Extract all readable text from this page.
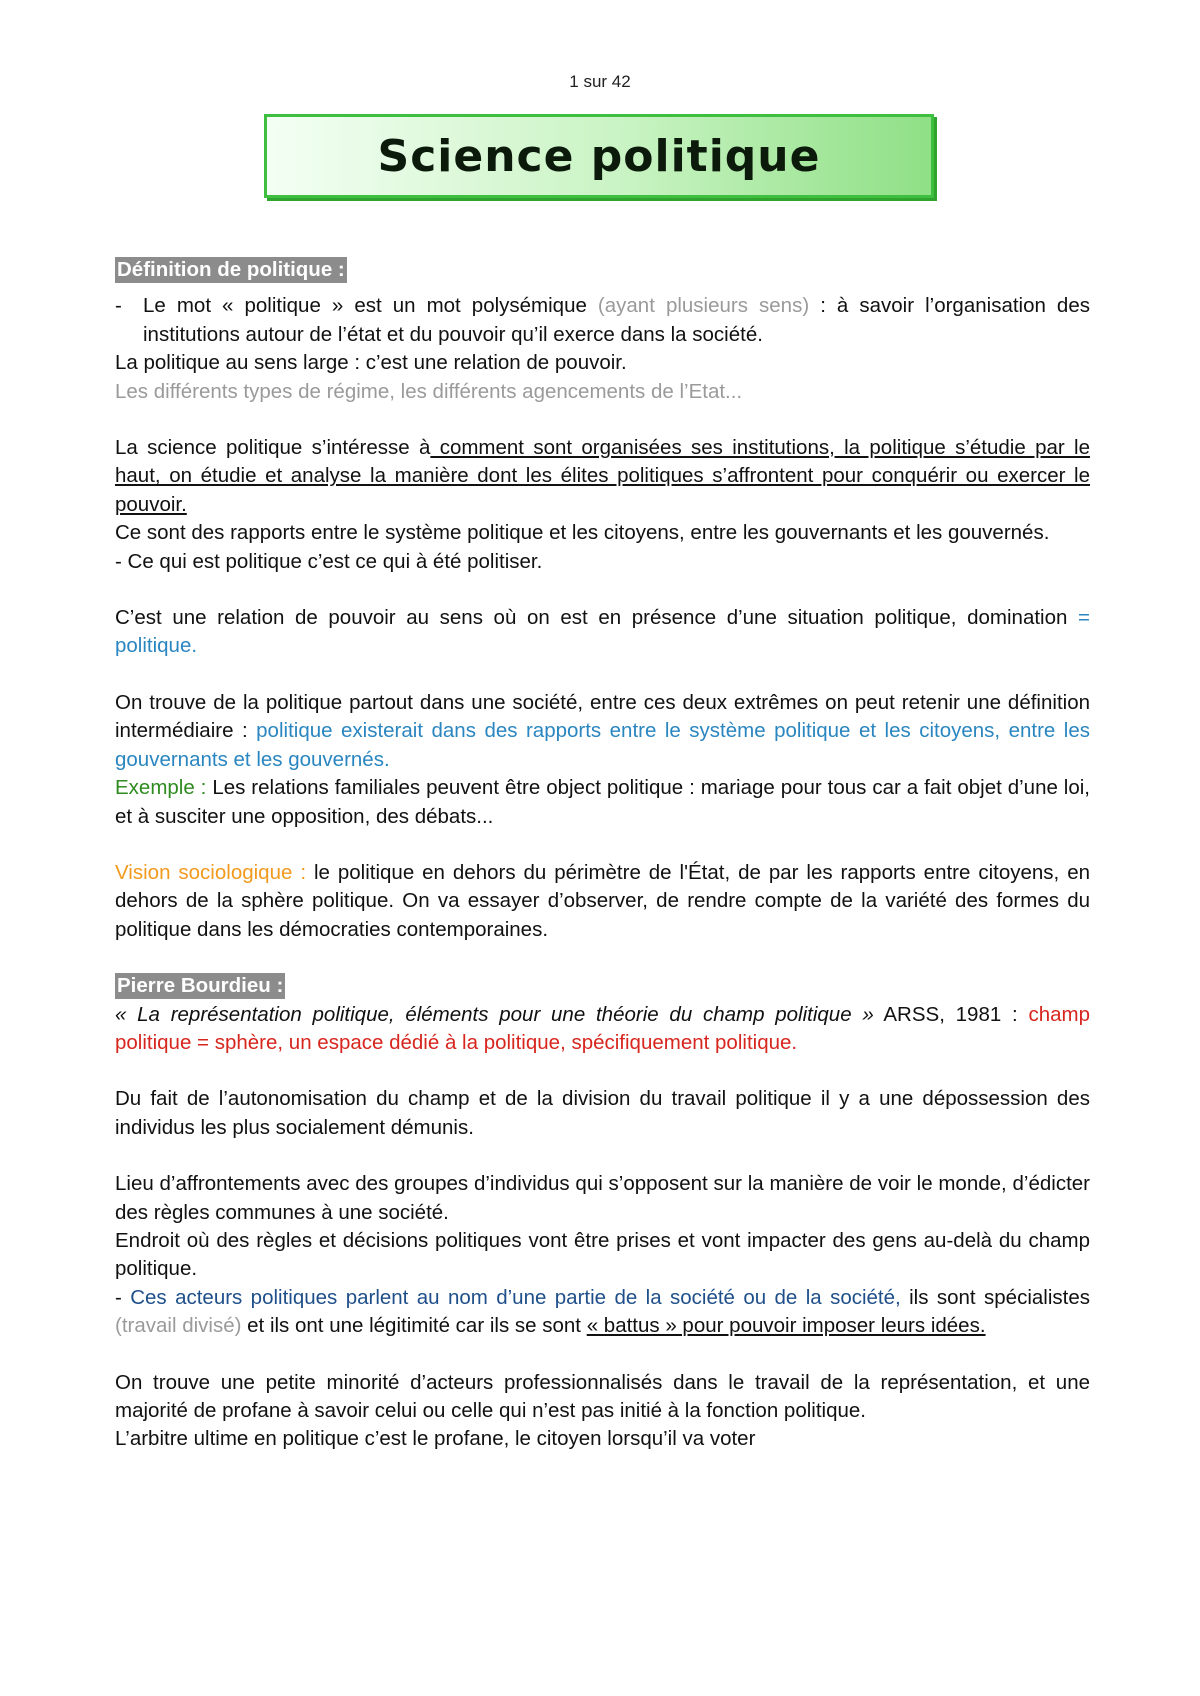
1 sur 42
Science politique

Définition de politique :

- Le mot « politique » est un mot polysémique (ayant plusieurs sens) : à savoir l’organisation des institutions autour de l’état et du pouvoir qu’il exerce dans la société.

La politique au sens large : c’est une relation de pouvoir.

Les différents types de régime, les différents agencements de l’Etat...

La science politique s’intéresse à comment sont organisées ses institutions, la politique s’étudie par le haut, on étudie et analyse la manière dont les élites politiques s’affrontent pour conquérir ou exercer le pouvoir.

Ce sont des rapports entre le système politique et les citoyens, entre les gouvernants et les gouvernés.

- Ce qui est politique c’est ce qui à été politiser.

C’est une relation de pouvoir au sens où on est en présence d’une situation politique, domination = politique.

On trouve de la politique partout dans une société, entre ces deux extrêmes on peut retenir une définition intermédiaire : politique existerait dans des rapports entre le système politique et les citoyens, entre les gouvernants et les gouvernés.

Exemple : Les relations familiales peuvent être object politique : mariage pour tous car a fait objet d’une loi, et à susciter une opposition, des débats...

Vision sociologique : le politique en dehors du périmètre de l'État, de par les rapports entre citoyens, en dehors de la sphère politique. On va essayer d’observer, de rendre compte de la variété des formes du politique dans les démocraties contemporaines.

Pierre Bourdieu :

« La représentation politique, éléments pour une théorie du champ politique » ARSS, 1981 : champ politique = sphère, un espace dédié à la politique, spécifiquement politique.

Du fait de l’autonomisation du champ et de la division du travail politique il y a une dépossession des individus les plus socialement démunis.

Lieu d’affrontements avec des groupes d’individus qui s’opposent sur la manière de voir le monde, d’édicter des règles communes à une société.

Endroit où des règles et décisions politiques vont être prises et vont impacter des gens au-delà du champ politique.

- Ces acteurs politiques parlent au nom d’une partie de la société ou de la société, ils sont spécialistes (travail divisé) et ils ont une légitimité car ils se sont « battus » pour pouvoir imposer leurs idées.

On trouve une petite minorité d’acteurs professionnalisés dans le travail de la représentation, et une majorité de profane à savoir celui ou celle qui n’est pas initié à la fonction politique.

L’arbitre ultime en politique c’est le profane, le citoyen lorsqu’il va voter
